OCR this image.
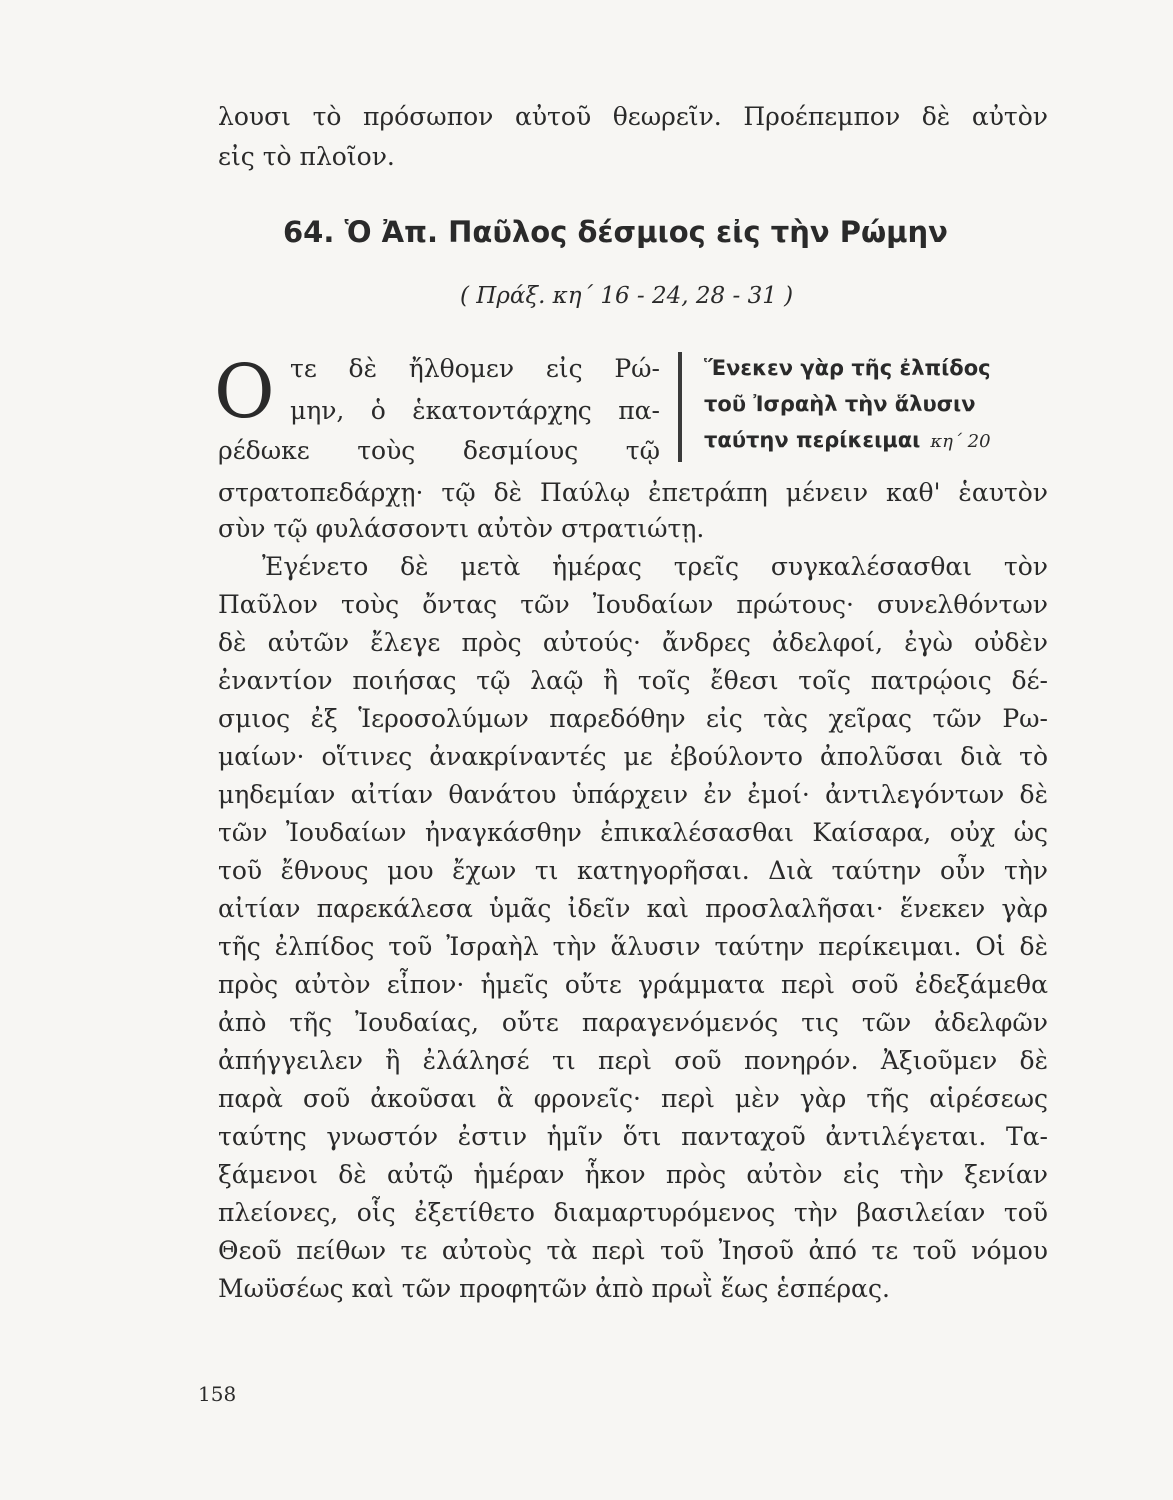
λουσι τὸ πρόσωπον αὐτοῦ θεωρεῖν. Προέπεμπον δὲ αὐτὸν
εἰς τὸ πλοῖον.
64. Ὁ Ἀπ. Παῦλος δέσμιος εἰς τὴν Ρώμην
( Πράξ. κη΄ 16 - 24, 28 - 31 )
Ο τε δὲ ἤλθομεν εἰς Ρώ-
μην, ὁ ἑκατοντάρχης πα-
ρέδωκε τοὺς δεσμίους τῷ
Ἕνεκεν γὰρ τῆς ἐλπίδος
τοῦ Ἰσραὴλ τὴν ἅλυσιν
ταύτην περίκειμαι κη΄ 20
στρατοπεδάρχῃ· τῷ δὲ Παύλῳ ἐπετράπη μένειν καθ' ἑαυτὸν
σὺν τῷ φυλάσσοντι αὐτὸν στρατιώτῃ.
Ἐγένετο δὲ μετὰ ἡμέρας τρεῖς συγκαλέσασθαι τὸν
Παῦλον τοὺς ὄντας τῶν Ἰουδαίων πρώτους· συνελθόντων
δὲ αὐτῶν ἔλεγε πρὸς αὐτούς· ἄνδρες ἀδελφοί, ἐγὼ οὐδὲν
ἐναντίον ποιήσας τῷ λαῷ ἢ τοῖς ἔθεσι τοῖς πατρῴοις δέ-
σμιος ἐξ Ἱεροσολύμων παρεδόθην εἰς τὰς χεῖρας τῶν Ρω-
μαίων· οἵτινες ἀνακρίναντές με ἐβούλοντο ἀπολῦσαι διὰ τὸ
μηδεμίαν αἰτίαν θανάτου ὑπάρχειν ἐν ἐμοί· ἀντιλεγόντων δὲ
τῶν Ἰουδαίων ἠναγκάσθην ἐπικαλέσασθαι Καίσαρα, οὐχ ὡς
τοῦ ἔθνους μου ἔχων τι κατηγορῆσαι. Διὰ ταύτην οὖν τὴν
αἰτίαν παρεκάλεσα ὑμᾶς ἰδεῖν καὶ προσλαλῆσαι· ἕνεκεν γὰρ
τῆς ἐλπίδος τοῦ Ἰσραὴλ τὴν ἅλυσιν ταύτην περίκειμαι. Οἱ δὲ
πρὸς αὐτὸν εἶπον· ἡμεῖς οὔτε γράμματα περὶ σοῦ ἐδεξάμεθα
ἀπὸ τῆς Ἰουδαίας, οὔτε παραγενόμενός τις τῶν ἀδελφῶν
ἀπήγγειλεν ἢ ἐλάλησέ τι περὶ σοῦ πονηρόν. Ἀξιοῦμεν δὲ
παρὰ σοῦ ἀκοῦσαι ἃ φρονεῖς· περὶ μὲν γὰρ τῆς αἱρέσεως
ταύτης γνωστόν ἐστιν ἡμῖν ὅτι πανταχοῦ ἀντιλέγεται. Τα-
ξάμενοι δὲ αὐτῷ ἡμέραν ἧκον πρὸς αὐτὸν εἰς τὴν ξενίαν
πλείονες, οἷς ἐξετίθετο διαμαρτυρόμενος τὴν βασιλείαν τοῦ
Θεοῦ πείθων τε αὐτοὺς τὰ περὶ τοῦ Ἰησοῦ ἀπό τε τοῦ νόμου
Μωϋσέως καὶ τῶν προφητῶν ἀπὸ πρωῒ ἕως ἑσπέρας.
158
